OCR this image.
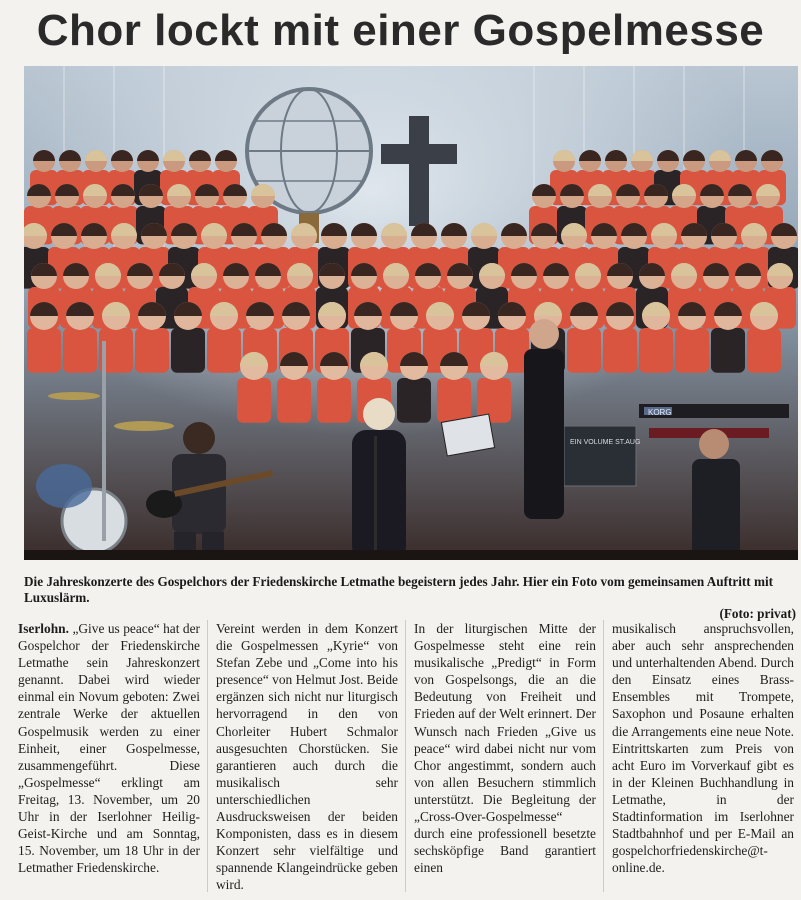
Chor lockt mit einer Gospelmesse
KORG
EIN VOLUME ST.AUG
Die Jahreskonzerte des Gospelchors der Friedenskirche Letmathe begeistern jedes Jahr. Hier ein Foto vom gemeinsamen Auftritt mit Luxuslärm.
(Foto: privat)

Iserlohn. „Give us peace“ hat der Gospelchor der Friedenskirche Letmathe sein Jahreskonzert genannt. Dabei wird wieder einmal ein Novum geboten: Zwei zentrale Werke der aktuellen Gospelmusik werden zu einer Einheit, einer Gospelmesse, zusammengeführt. Diese „Gospelmesse“ erklingt am Freitag, 13. November, um 20 Uhr in der Iserlohner Heilig-Geist-Kirche und am Sonntag, 15. November, um 18 Uhr in der Letmather Friedenskirche.

Vereint werden in dem Konzert die Gospelmessen „Kyrie“ von Stefan Zebe und „Come into his presence“ von Helmut Jost. Beide ergänzen sich nicht nur liturgisch hervorragend in den von Chorleiter Hubert Schmalor ausgesuchten Chorstücken. Sie garantieren auch durch die musikalisch sehr unterschiedlichen Ausdrucksweisen der beiden Komponisten, dass es in diesem Konzert sehr vielfältige und spannende Klangeindrücke geben wird.

In der liturgischen Mitte der Gospelmesse steht eine rein musikalische „Predigt“ in Form von Gospelsongs, die an die Bedeutung von Freiheit und Frieden auf der Welt erinnert. Der Wunsch nach Frieden „Give us peace“ wird dabei nicht nur vom Chor angestimmt, sondern auch von allen Besuchern stimmlich unterstützt. Die Begleitung der „Cross-Over-Gospelmesse“ durch eine professionell besetzte sechsköpfige Band garantiert einen

musikalisch anspruchsvollen, aber auch sehr ansprechenden und unterhaltenden Abend. Durch den Einsatz eines Brass-Ensembles mit Trompete, Saxophon und Posaune erhalten die Arrangements eine neue Note. Eintrittskarten zum Preis von acht Euro im Vorverkauf gibt es in der Kleinen Buchhandlung in Letmathe, in der Stadtinformation im Iserlohner Stadtbahnhof und per E-Mail an gospelchorfriedenskirche@t-online.de.
